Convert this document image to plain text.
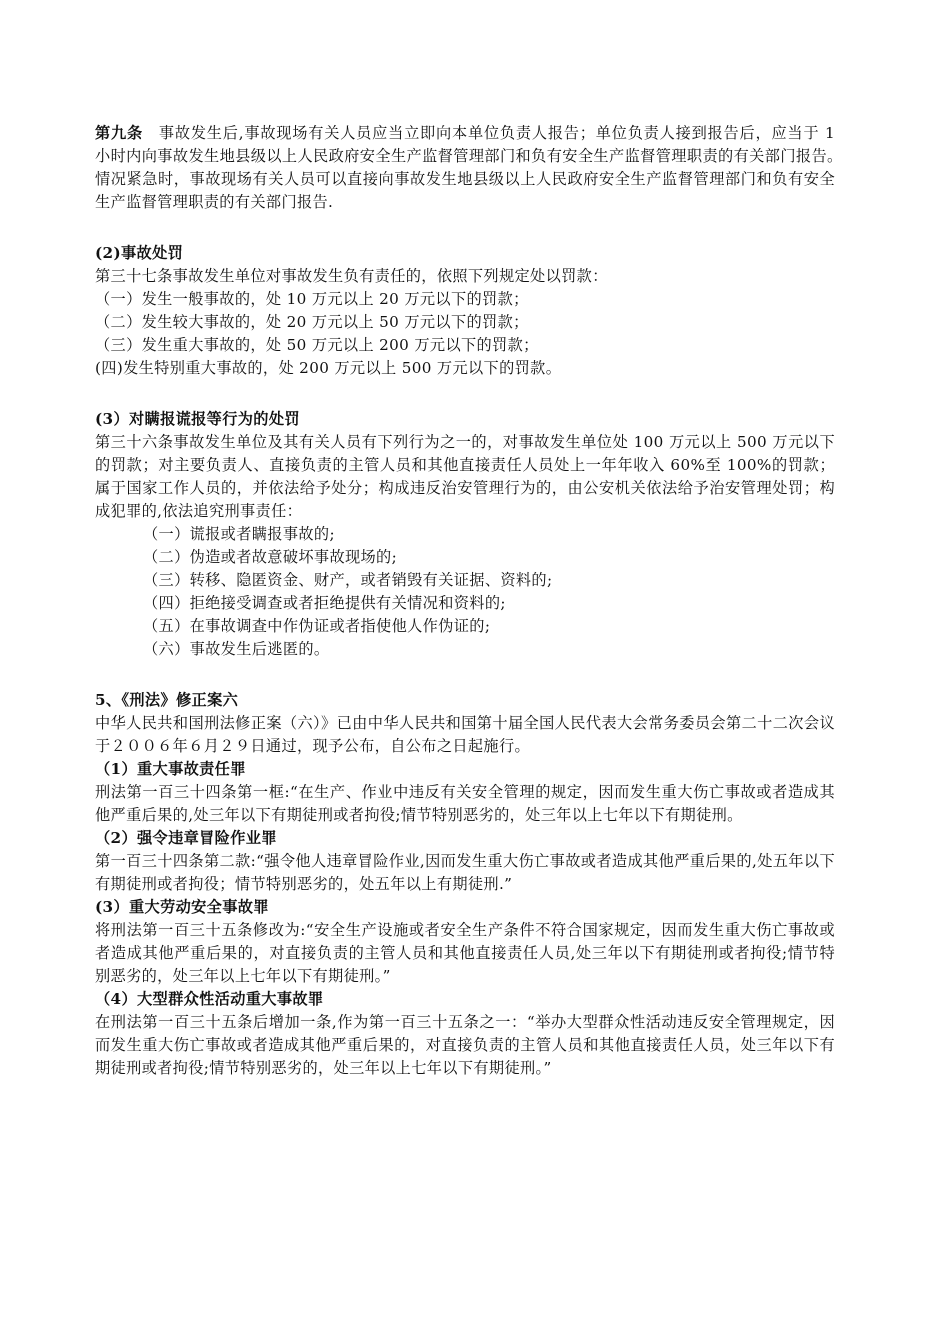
第九条　事故发生后,事故现场有关人员应当立即向本单位负责人报告；单位负责人接到报告后，应当于 1 小时内向事故发生地县级以上人民政府安全生产监督管理部门和负有安全生产监督管理职责的有关部门报告。　　情况紧急时，事故现场有关人员可以直接向事故发生地县级以上人民政府安全生产监督管理部门和负有安全生产监督管理职责的有关部门报告.

(2)事故处罚

第三十七条事故发生单位对事故发生负有责任的，依照下列规定处以罚款：

（一）发生一般事故的，处 10 万元以上 20 万元以下的罚款；

（二）发生较大事故的，处 20 万元以上 50 万元以下的罚款；

（三）发生重大事故的，处 50 万元以上 200 万元以下的罚款；

(四)发生特别重大事故的，处 200 万元以上 500 万元以下的罚款。

(3）对瞒报谎报等行为的处罚

第三十六条事故发生单位及其有关人员有下列行为之一的，对事故发生单位处 100 万元以上 500 万元以下的罚款；对主要负责人、直接负责的主管人员和其他直接责任人员处上一年年收入 60%至 100%的罚款；属于国家工作人员的，并依法给予处分；构成违反治安管理行为的，由公安机关依法给予治安管理处罚；构成犯罪的,依法追究刑事责任：

（一）谎报或者瞒报事故的;

（二）伪造或者故意破坏事故现场的;

（三）转移、隐匿资金、财产，或者销毁有关证据、资料的;

（四）拒绝接受调查或者拒绝提供有关情况和资料的;

（五）在事故调查中作伪证或者指使他人作伪证的;

（六）事故发生后逃匿的。

5、《刑法》修正案六

中华人民共和国刑法修正案（六）》已由中华人民共和国第十届全国人民代表大会常务委员会第二十二次会议于２００６年６月２９日通过，现予公布，自公布之日起施行。

（1）重大事故责任罪

刑法第一百三十四条第一框:“在生产、作业中违反有关安全管理的规定，因而发生重大伤亡事故或者造成其他严重后果的,处三年以下有期徒刑或者拘役;情节特别恶劣的，处三年以上七年以下有期徒刑。

（2）强令违章冒险作业罪

第一百三十四条第二款:“强令他人违章冒险作业,因而发生重大伤亡事故或者造成其他严重后果的,处五年以下有期徒刑或者拘役；情节特别恶劣的，处五年以上有期徒刑.”

(3）重大劳动安全事故罪

将刑法第一百三十五条修改为:“安全生产设施或者安全生产条件不符合国家规定，因而发生重大伤亡事故或者造成其他严重后果的，对直接负责的主管人员和其他直接责任人员,处三年以下有期徒刑或者拘役;情节特别恶劣的，处三年以上七年以下有期徒刑。”

（4）大型群众性活动重大事故罪

在刑法第一百三十五条后增加一条,作为第一百三十五条之一：“举办大型群众性活动违反安全管理规定，因而发生重大伤亡事故或者造成其他严重后果的，对直接负责的主管人员和其他直接责任人员，处三年以下有期徒刑或者拘役;情节特别恶劣的，处三年以上七年以下有期徒刑。”
